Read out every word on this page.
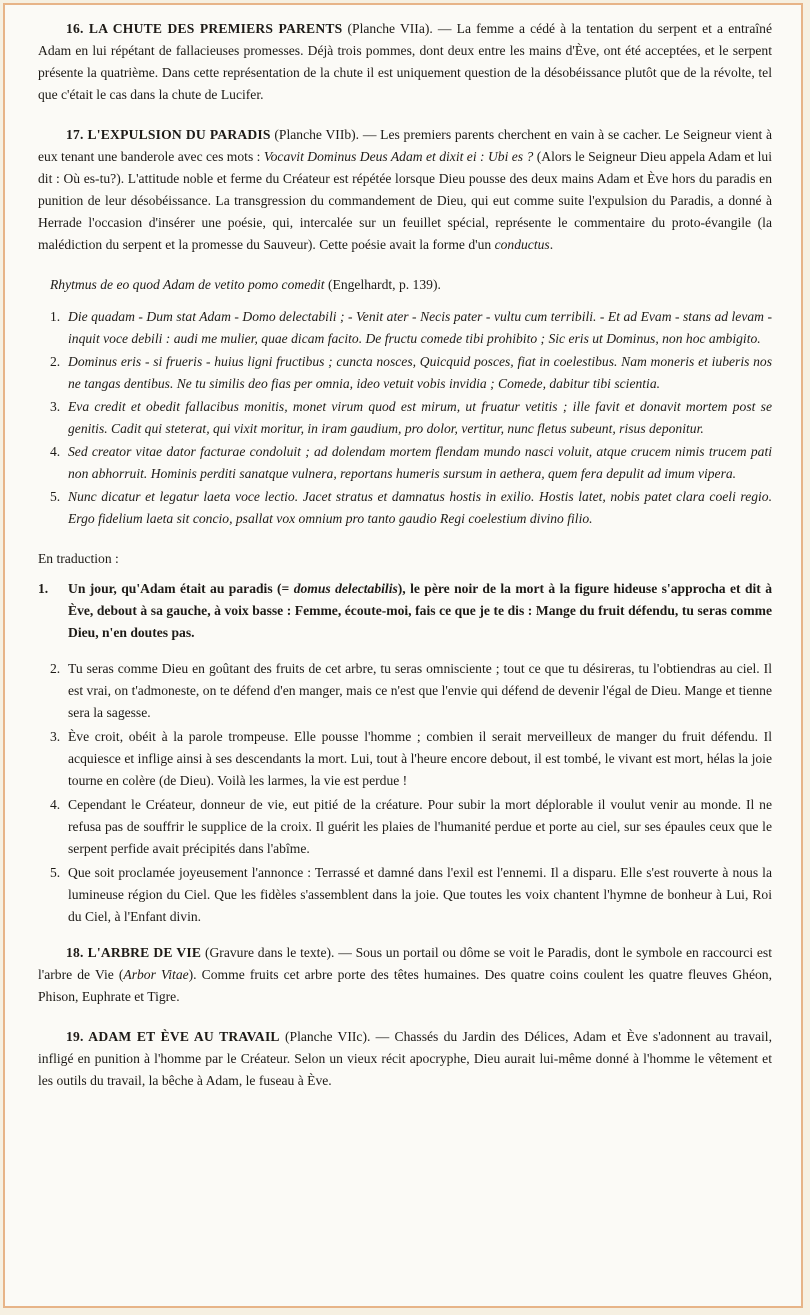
16. LA CHUTE DES PREMIERS PARENTS (Planche VIIa). — La femme a cédé à la tentation du serpent et a entraîné Adam en lui répétant de fallacieuses promesses. Déjà trois pommes, dont deux entre les mains d'Ève, ont été acceptées, et le serpent présente la quatrième. Dans cette représentation de la chute il est uniquement question de la désobéissance plutôt que de la révolte, tel que c'était le cas dans la chute de Lucifer.

17. L'EXPULSION DU PARADIS (Planche VIIb). — Les premiers parents cherchent en vain à se cacher. Le Seigneur vient à eux tenant une banderole avec ces mots : Vocavit Dominus Deus Adam et dixit ei : Ubi es ? (Alors le Seigneur Dieu appela Adam et lui dit : Où es-tu?). L'attitude noble et ferme du Créateur est répétée lorsque Dieu pousse des deux mains Adam et Ève hors du paradis en punition de leur désobéissance. La transgression du commandement de Dieu, qui eut comme suite l'expulsion du Paradis, a donné à Herrade l'occasion d'insérer une poésie, qui, intercalée sur un feuillet spécial, représente le commentaire du proto-évangile (la malédiction du serpent et la promesse du Sauveur). Cette poésie avait la forme d'un conductus.

Rhytmus de eo quod Adam de vetito pomo comedit (Engelhardt, p. 139).
1. Die quadam - Dum stat Adam - Domo delectabili ; - Venit ater - Necis pater - vultu cum terribili. - Et ad Evam - stans ad levam - inquit voce debili : audi me mulier, quae dicam facito. De fructu comede tibi prohibito ; Sic eris ut Dominus, non hoc ambigito.
2. Dominus eris - si frueris - huius ligni fructibus ; cuncta nosces, Quicquid posces, fiat in coelestibus. Nam moneris et iuberis nos ne tangas dentibus. Ne tu similis deo fias per omnia, ideo vetuit vobis invidia ; Comede, dabitur tibi scientia.
3. Eva credit et obedit fallacibus monitis, monet virum quod est mirum, ut fruatur vetitis ; ille favit et donavit mortem post se genitis. Cadit qui steterat, qui vixit moritur, in iram gaudium, pro dolor, vertitur, nunc fletus subeunt, risus deponitur.
4. Sed creator vitae dator facturae condoluit ; ad dolendam mortem flendam mundo nasci voluit, atque crucem nimis trucem pati non abhorruit. Hominis perditi sanatque vulnera, reportans humeris sursum in aethera, quem fera depulit ad imum vipera.
5. Nunc dicatur et legatur laeta voce lectio. Jacet stratus et damnatus hostis in exilio. Hostis latet, nobis patet clara coeli regio. Ergo fidelium laeta sit concio, psallat vox omnium pro tanto gaudio Regi coelestium divino filio.
En traduction :
1. Un jour, qu'Adam était au paradis (= domus delectabilis), le père noir de la mort à la figure hideuse s'approcha et dit à Ève, debout à sa gauche, à voix basse : Femme, écoute-moi, fais ce que je te dis : Mange du fruit défendu, tu seras comme Dieu, n'en doutes pas.
2. Tu seras comme Dieu en goûtant des fruits de cet arbre, tu seras omnisciente ; tout ce que tu désireras, tu l'obtiendras au ciel. Il est vrai, on t'admoneste, on te défend d'en manger, mais ce n'est que l'envie qui défend de devenir l'égal de Dieu. Mange et tienne sera la sagesse.
3. Ève croit, obéit à la parole trompeuse. Elle pousse l'homme ; combien il serait merveilleux de manger du fruit défendu. Il acquiesce et inflige ainsi à ses descendants la mort. Lui, tout à l'heure encore debout, il est tombé, le vivant est mort, hélas la joie tourne en colère (de Dieu). Voilà les larmes, la vie est perdue !
4. Cependant le Créateur, donneur de vie, eut pitié de la créature. Pour subir la mort déplorable il voulut venir au monde. Il ne refusa pas de souffrir le supplice de la croix. Il guérit les plaies de l'humanité perdue et porte au ciel, sur ses épaules ceux que le serpent perfide avait précipités dans l'abîme.
5. Que soit proclamée joyeusement l'annonce : Terrassé et damné dans l'exil est l'ennemi. Il a disparu. Elle s'est rouverte à nous la lumineuse région du Ciel. Que les fidèles s'assemblent dans la joie. Que toutes les voix chantent l'hymne de bonheur à Lui, Roi du Ciel, à l'Enfant divin.

18. L'ARBRE DE VIE (Gravure dans le texte). — Sous un portail ou dôme se voit le Paradis, dont le symbole en raccourci est l'arbre de Vie (Arbor Vitae). Comme fruits cet arbre porte des têtes humaines. Des quatre coins coulent les quatre fleuves Ghéon, Phison, Euphrate et Tigre.

19. ADAM ET ÈVE AU TRAVAIL (Planche VIIc). — Chassés du Jardin des Délices, Adam et Ève s'adonnent au travail, infligé en punition à l'homme par le Créateur. Selon un vieux récit apocryphe, Dieu aurait lui-même donné à l'homme le vêtement et les outils du travail, la bêche à Adam, le fuseau à Ève.
